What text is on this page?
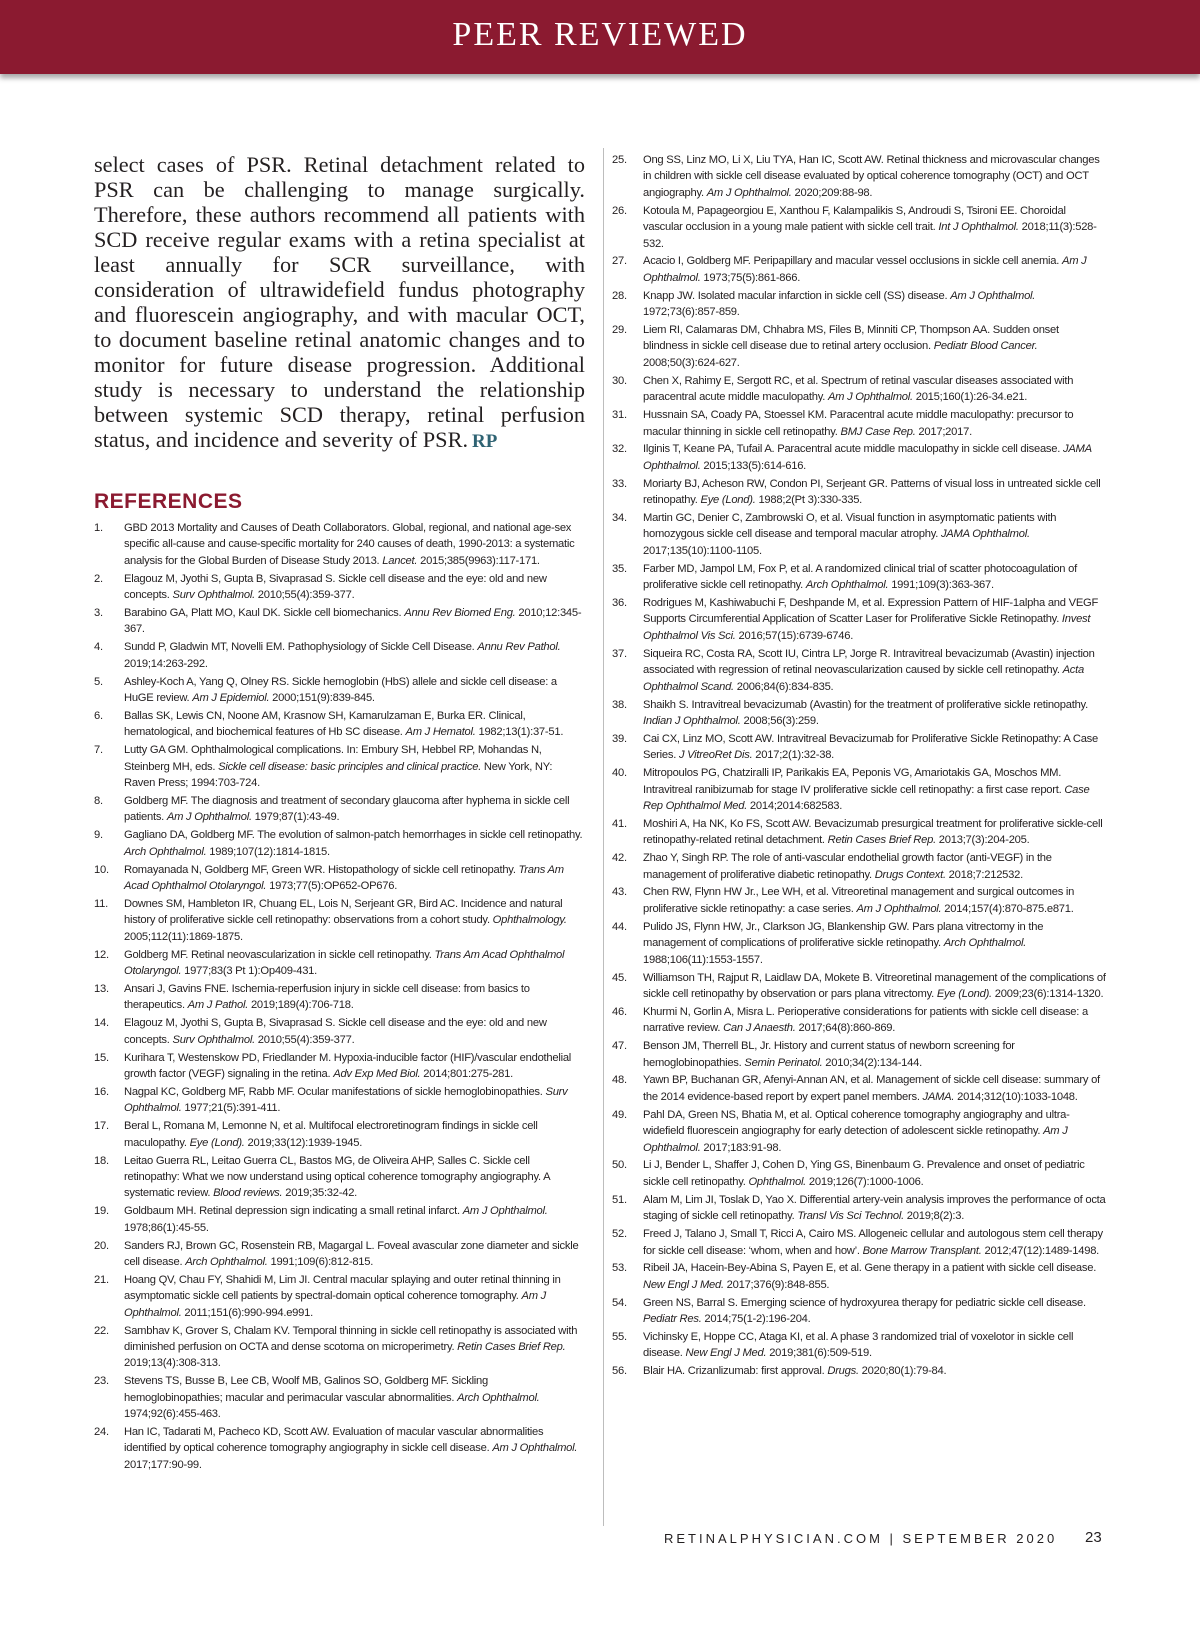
PEER REVIEWED

select cases of PSR. Retinal detachment related to PSR can be challenging to manage surgically. Therefore, these authors recommend all patients with SCD receive regular exams with a retina specialist at least annually for SCR surveillance, with consideration of ultrawidefield fundus photography and fluorescein angiography, and with macular OCT, to document baseline retinal anatomic changes and to monitor for future disease progression. Additional study is necessary to understand the relationship between systemic SCD therapy, retinal perfusion status, and incidence and severity of PSR. RP

REFERENCES
1. GBD 2013 Mortality and Causes of Death Collaborators. Global, regional, and national age-sex specific all-cause and cause-specific mortality for 240 causes of death, 1990-2013: a systematic analysis for the Global Burden of Disease Study 2013. Lancet. 2015;385(9963):117-171.
2. Elagouz M, Jyothi S, Gupta B, Sivaprasad S. Sickle cell disease and the eye: old and new concepts. Surv Ophthalmol. 2010;55(4):359-377.
3. Barabino GA, Platt MO, Kaul DK. Sickle cell biomechanics. Annu Rev Biomed Eng. 2010;12:345-367.
4. Sundd P, Gladwin MT, Novelli EM. Pathophysiology of Sickle Cell Disease. Annu Rev Pathol. 2019;14:263-292.
5. Ashley-Koch A, Yang Q, Olney RS. Sickle hemoglobin (HbS) allele and sickle cell disease: a HuGE review. Am J Epidemiol. 2000;151(9):839-845.
6. Ballas SK, Lewis CN, Noone AM, Krasnow SH, Kamarulzaman E, Burka ER. Clinical, hematological, and biochemical features of Hb SC disease. Am J Hematol. 1982;13(1):37-51.
7. Lutty GA GM. Ophthalmological complications. In: Embury SH, Hebbel RP, Mohandas N, Steinberg MH, eds. Sickle cell disease: basic principles and clinical practice. New York, NY: Raven Press; 1994:703-724.
8. Goldberg MF. The diagnosis and treatment of secondary glaucoma after hyphema in sickle cell patients. Am J Ophthalmol. 1979;87(1):43-49.
9. Gagliano DA, Goldberg MF. The evolution of salmon-patch hemorrhages in sickle cell retinopathy. Arch Ophthalmol. 1989;107(12):1814-1815.
10. Romayanada N, Goldberg MF, Green WR. Histopathology of sickle cell retinopathy. Trans Am Acad Ophthalmol Otolaryngol. 1973;77(5):OP652-OP676.
11. Downes SM, Hambleton IR, Chuang EL, Lois N, Serjeant GR, Bird AC. Incidence and natural history of proliferative sickle cell retinopathy: observations from a cohort study. Ophthalmology. 2005;112(11):1869-1875.
12. Goldberg MF. Retinal neovascularization in sickle cell retinopathy. Trans Am Acad Ophthalmol Otolaryngol. 1977;83(3 Pt 1):Op409-431.
13. Ansari J, Gavins FNE. Ischemia-reperfusion injury in sickle cell disease: from basics to therapeutics. Am J Pathol. 2019;189(4):706-718.
14. Elagouz M, Jyothi S, Gupta B, Sivaprasad S. Sickle cell disease and the eye: old and new concepts. Surv Ophthalmol. 2010;55(4):359-377.
15. Kurihara T, Westenskow PD, Friedlander M. Hypoxia-inducible factor (HIF)/vascular endothelial growth factor (VEGF) signaling in the retina. Adv Exp Med Biol. 2014;801:275-281.
16. Nagpal KC, Goldberg MF, Rabb MF. Ocular manifestations of sickle hemoglobinopathies. Surv Ophthalmol. 1977;21(5):391-411.
17. Beral L, Romana M, Lemonne N, et al. Multifocal electroretinogram findings in sickle cell maculopathy. Eye (Lond). 2019;33(12):1939-1945.
18. Leitao Guerra RL, Leitao Guerra CL, Bastos MG, de Oliveira AHP, Salles C. Sickle cell retinopathy: What we now understand using optical coherence tomography angiography. A systematic review. Blood reviews. 2019;35:32-42.
19. Goldbaum MH. Retinal depression sign indicating a small retinal infarct. Am J Ophthalmol. 1978;86(1):45-55.
20. Sanders RJ, Brown GC, Rosenstein RB, Magargal L. Foveal avascular zone diameter and sickle cell disease. Arch Ophthalmol. 1991;109(6):812-815.
21. Hoang QV, Chau FY, Shahidi M, Lim JI. Central macular splaying and outer retinal thinning in asymptomatic sickle cell patients by spectral-domain optical coherence tomography. Am J Ophthalmol. 2011;151(6):990-994.e991.
22. Sambhav K, Grover S, Chalam KV. Temporal thinning in sickle cell retinopathy is associated with diminished perfusion on OCTA and dense scotoma on microperimetry. Retin Cases Brief Rep. 2019;13(4):308-313.
23. Stevens TS, Busse B, Lee CB, Woolf MB, Galinos SO, Goldberg MF. Sickling hemoglobinopathies; macular and perimacular vascular abnormalities. Arch Ophthalmol. 1974;92(6):455-463.
24. Han IC, Tadarati M, Pacheco KD, Scott AW. Evaluation of macular vascular abnormalities identified by optical coherence tomography angiography in sickle cell disease. Am J Ophthalmol. 2017;177:90-99.
25. Ong SS, Linz MO, Li X, Liu TYA, Han IC, Scott AW. Retinal thickness and microvascular changes in children with sickle cell disease evaluated by optical coherence tomography (OCT) and OCT angiography. Am J Ophthalmol. 2020;209:88-98.
26. Kotoula M, Papageorgiou E, Xanthou F, Kalampalikis S, Androudi S, Tsironi EE. Choroidal vascular occlusion in a young male patient with sickle cell trait. Int J Ophthalmol. 2018;11(3):528-532.
27. Acacio I, Goldberg MF. Peripapillary and macular vessel occlusions in sickle cell anemia. Am J Ophthalmol. 1973;75(5):861-866.
28. Knapp JW. Isolated macular infarction in sickle cell (SS) disease. Am J Ophthalmol. 1972;73(6):857-859.
29. Liem RI, Calamaras DM, Chhabra MS, Files B, Minniti CP, Thompson AA. Sudden onset blindness in sickle cell disease due to retinal artery occlusion. Pediatr Blood Cancer. 2008;50(3):624-627.
30. Chen X, Rahimy E, Sergott RC, et al. Spectrum of retinal vascular diseases associated with paracentral acute middle maculopathy. Am J Ophthalmol. 2015;160(1):26-34.e21.
31. Hussnain SA, Coady PA, Stoessel KM. Paracentral acute middle maculopathy: precursor to macular thinning in sickle cell retinopathy. BMJ Case Rep. 2017;2017.
32. Ilginis T, Keane PA, Tufail A. Paracentral acute middle maculopathy in sickle cell disease. JAMA Ophthalmol. 2015;133(5):614-616.
33. Moriarty BJ, Acheson RW, Condon PI, Serjeant GR. Patterns of visual loss in untreated sickle cell retinopathy. Eye (Lond). 1988;2(Pt 3):330-335.
34. Martin GC, Denier C, Zambrowski O, et al. Visual function in asymptomatic patients with homozygous sickle cell disease and temporal macular atrophy. JAMA Ophthalmol. 2017;135(10):1100-1105.
35. Farber MD, Jampol LM, Fox P, et al. A randomized clinical trial of scatter photocoagulation of proliferative sickle cell retinopathy. Arch Ophthalmol. 1991;109(3):363-367.
36. Rodrigues M, Kashiwabuchi F, Deshpande M, et al. Expression Pattern of HIF-1alpha and VEGF Supports Circumferential Application of Scatter Laser for Proliferative Sickle Retinopathy. Invest Ophthalmol Vis Sci. 2016;57(15):6739-6746.
37. Siqueira RC, Costa RA, Scott IU, Cintra LP, Jorge R. Intravitreal bevacizumab (Avastin) injection associated with regression of retinal neovascularization caused by sickle cell retinopathy. Acta Ophthalmol Scand. 2006;84(6):834-835.
38. Shaikh S. Intravitreal bevacizumab (Avastin) for the treatment of proliferative sickle retinopathy. Indian J Ophthalmol. 2008;56(3):259.
39. Cai CX, Linz MO, Scott AW. Intravitreal Bevacizumab for Proliferative Sickle Retinopathy: A Case Series. J VitreoRet Dis. 2017;2(1):32-38.
40. Mitropoulos PG, Chatziralli IP, Parikakis EA, Peponis VG, Amariotakis GA, Moschos MM. Intravitreal ranibizumab for stage IV proliferative sickle cell retinopathy: a first case report. Case Rep Ophthalmol Med. 2014;2014:682583.
41. Moshiri A, Ha NK, Ko FS, Scott AW. Bevacizumab presurgical treatment for proliferative sickle-cell retinopathy-related retinal detachment. Retin Cases Brief Rep. 2013;7(3):204-205.
42. Zhao Y, Singh RP. The role of anti-vascular endothelial growth factor (anti-VEGF) in the management of proliferative diabetic retinopathy. Drugs Context. 2018;7:212532.
43. Chen RW, Flynn HW Jr., Lee WH, et al. Vitreoretinal management and surgical outcomes in proliferative sickle retinopathy: a case series. Am J Ophthalmol. 2014;157(4):870-875.e871.
44. Pulido JS, Flynn HW, Jr., Clarkson JG, Blankenship GW. Pars plana vitrectomy in the management of complications of proliferative sickle retinopathy. Arch Ophthalmol. 1988;106(11):1553-1557.
45. Williamson TH, Rajput R, Laidlaw DA, Mokete B. Vitreoretinal management of the complications of sickle cell retinopathy by observation or pars plana vitrectomy. Eye (Lond). 2009;23(6):1314-1320.
46. Khurmi N, Gorlin A, Misra L. Perioperative considerations for patients with sickle cell disease: a narrative review. Can J Anaesth. 2017;64(8):860-869.
47. Benson JM, Therrell BL, Jr. History and current status of newborn screening for hemoglobinopathies. Semin Perinatol. 2010;34(2):134-144.
48. Yawn BP, Buchanan GR, Afenyi-Annan AN, et al. Management of sickle cell disease: summary of the 2014 evidence-based report by expert panel members. JAMA. 2014;312(10):1033-1048.
49. Pahl DA, Green NS, Bhatia M, et al. Optical coherence tomography angiography and ultra-widefield fluorescein angiography for early detection of adolescent sickle retinopathy. Am J Ophthalmol. 2017;183:91-98.
50. Li J, Bender L, Shaffer J, Cohen D, Ying GS, Binenbaum G. Prevalence and onset of pediatric sickle cell retinopathy. Ophthalmol. 2019;126(7):1000-1006.
51. Alam M, Lim JI, Toslak D, Yao X. Differential artery-vein analysis improves the performance of octa staging of sickle cell retinopathy. Transl Vis Sci Technol. 2019;8(2):3.
52. Freed J, Talano J, Small T, Ricci A, Cairo MS. Allogeneic cellular and autologous stem cell therapy for sickle cell disease: ‘whom, when and how’. Bone Marrow Transplant. 2012;47(12):1489-1498.
53. Ribeil JA, Hacein-Bey-Abina S, Payen E, et al. Gene therapy in a patient with sickle cell disease. New Engl J Med. 2017;376(9):848-855.
54. Green NS, Barral S. Emerging science of hydroxyurea therapy for pediatric sickle cell disease. Pediatr Res. 2014;75(1-2):196-204.
55. Vichinsky E, Hoppe CC, Ataga KI, et al. A phase 3 randomized trial of voxelotor in sickle cell disease. New Engl J Med. 2019;381(6):509-519.
56. Blair HA. Crizanlizumab: first approval. Drugs. 2020;80(1):79-84.
RETINALPHYSICIAN.COM | SEPTEMBER 2020 23
